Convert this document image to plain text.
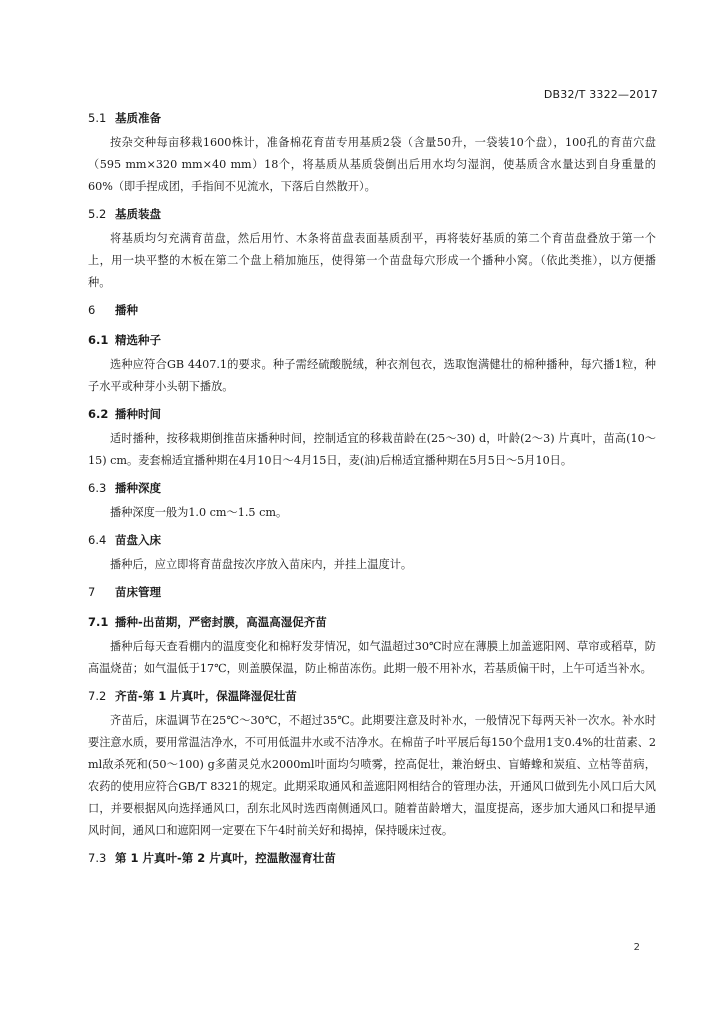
DB32/T 3322—2017
5.1 基质准备

按杂交种每亩移栽1600株计，准备棉花育苗专用基质2袋（含量50升，一袋装10个盘），100孔的育苗穴盘（595 mm×320 mm×40 mm）18个，将基质从基质袋倒出后用水均匀湿润，使基质含水量达到自身重量的60%（即手捏成团，手指间不见流水，下落后自然散开）。

5.2 基质装盘

将基质均匀充满育苗盘，然后用竹、木条将苗盘表面基质刮平，再将装好基质的第二个育苗盘叠放于第一个上，用一块平整的木板在第二个盘上稍加施压，使得第一个苗盘每穴形成一个播种小窝。（依此类推），以方便播种。

6	播种
6.1 精选种子

选种应符合GB 4407.1的要求。种子需经硫酸脱绒，种衣剂包衣，选取饱满健壮的棉种播种，每穴播1粒，种子水平或种芽小头朝下播放。

6.2 播种时间

适时播种，按移栽期倒推苗床播种时间，控制适宜的移栽苗龄在(25～30) d，叶龄(2～3) 片真叶，苗高(10～15) cm。麦套棉适宜播种期在4月10日～4月15日，麦(油)后棉适宜播种期在5月5日～5月10日。

6.3 播种深度

播种深度一般为1.0 cm～1.5 cm。

6.4 苗盘入床

播种后，应立即将育苗盘按次序放入苗床内，并挂上温度计。

7	苗床管理
7.1 播种-出苗期，严密封膜，高温高湿促齐苗

播种后每天查看棚内的温度变化和棉籽发芽情况，如气温超过30℃时应在薄膜上加盖遮阳网、草帘或稻草，防高温烧苗；如气温低于17℃，则盖膜保温，防止棉苗冻伤。此期一般不用补水，若基质偏干时，上午可适当补水。

7.2 齐苗-第 1 片真叶，保温降湿促壮苗

齐苗后，床温调节在25℃～30℃，不超过35℃。此期要注意及时补水，一般情况下每两天补一次水。补水时要注意水质，要用常温洁净水，不可用低温井水或不洁净水。在棉苗子叶平展后每150个盘用1支0.4%的壮苗素、2 ml敌杀死和(50～100) g多菌灵兑水2000ml叶面均匀喷雾，控高促壮，兼治蚜虫、盲蝽蟓和炭疽、立枯等苗病，农药的使用应符合GB/T 8321的规定。此期采取通风和盖遮阳网相结合的管理办法，开通风口做到先小风口后大风口，并要根据风向选择通风口，刮东北风时选西南侧通风口。随着苗龄增大，温度提高，逐步加大通风口和提早通风时间，通风口和遮阳网一定要在下午4时前关好和揭掉，保持暖床过夜。

7.3 第 1 片真叶-第 2 片真叶，控温散湿育壮苗
2
